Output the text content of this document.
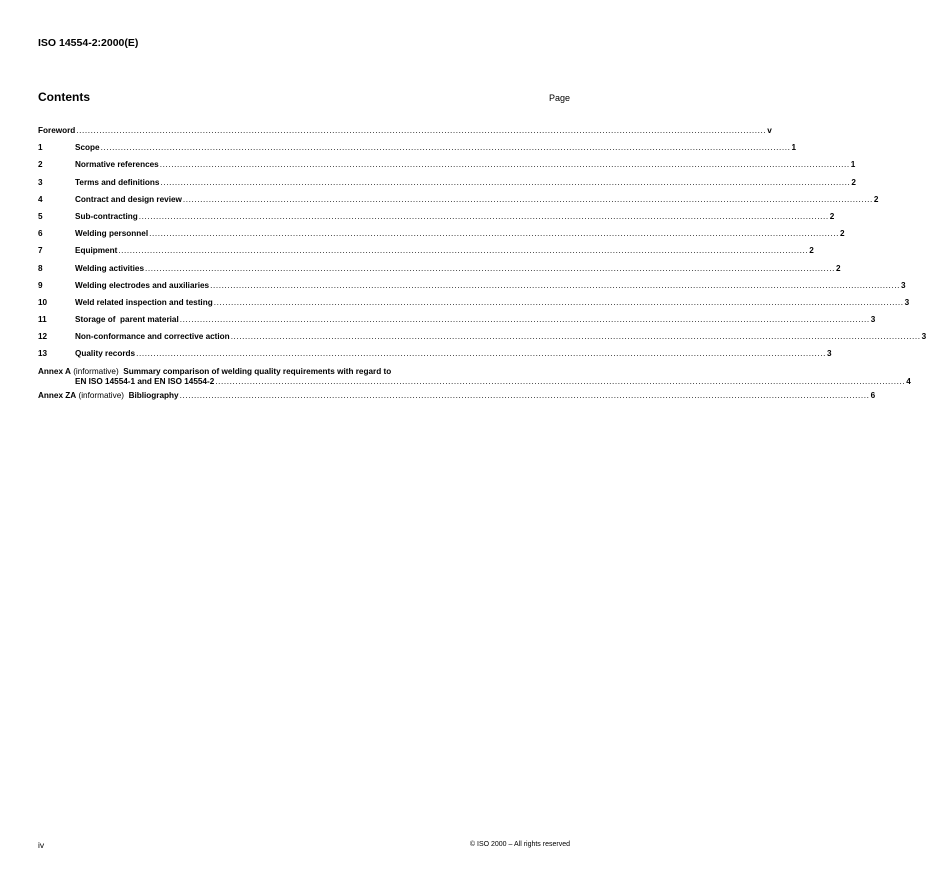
ISO 14554-2:2000(E)
Contents	Page
Foreword ................................................................................................................................................................................................................................................ v
1	Scope ................................................................................................................................................................................................................................................ 1
2	Normative references ................................................................................................................................................................................................................................................ 1
3	Terms and definitions ................................................................................................................................................................................................................................................ 2
4	Contract and design review ................................................................................................................................................................................................................................................ 2
5	Sub-contracting ................................................................................................................................................................................................................................................ 2
6	Welding personnel ................................................................................................................................................................................................................................................ 2
7	Equipment ................................................................................................................................................................................................................................................ 2
8	Welding activities ................................................................................................................................................................................................................................................ 2
9	Welding electrodes and auxiliaries ................................................................................................................................................................................................................................................ 3
10	Weld related inspection and testing ................................................................................................................................................................................................................................................ 3
11	Storage of  parent material ................................................................................................................................................................................................................................................ 3
12	Non-conformance and corrective action ................................................................................................................................................................................................................................................ 3
13	Quality records ................................................................................................................................................................................................................................................ 3
Annex A (informative) Summary comparison of welding quality requirements with regard to
EN ISO 14554-1 and EN ISO 14554-2 ................................................................................................................................................................................................................................................ 4
Annex ZA (informative) Bibliography ................................................................................................................................................................................................................................................ 6
iv	© ISO 2000 – All rights reserved
